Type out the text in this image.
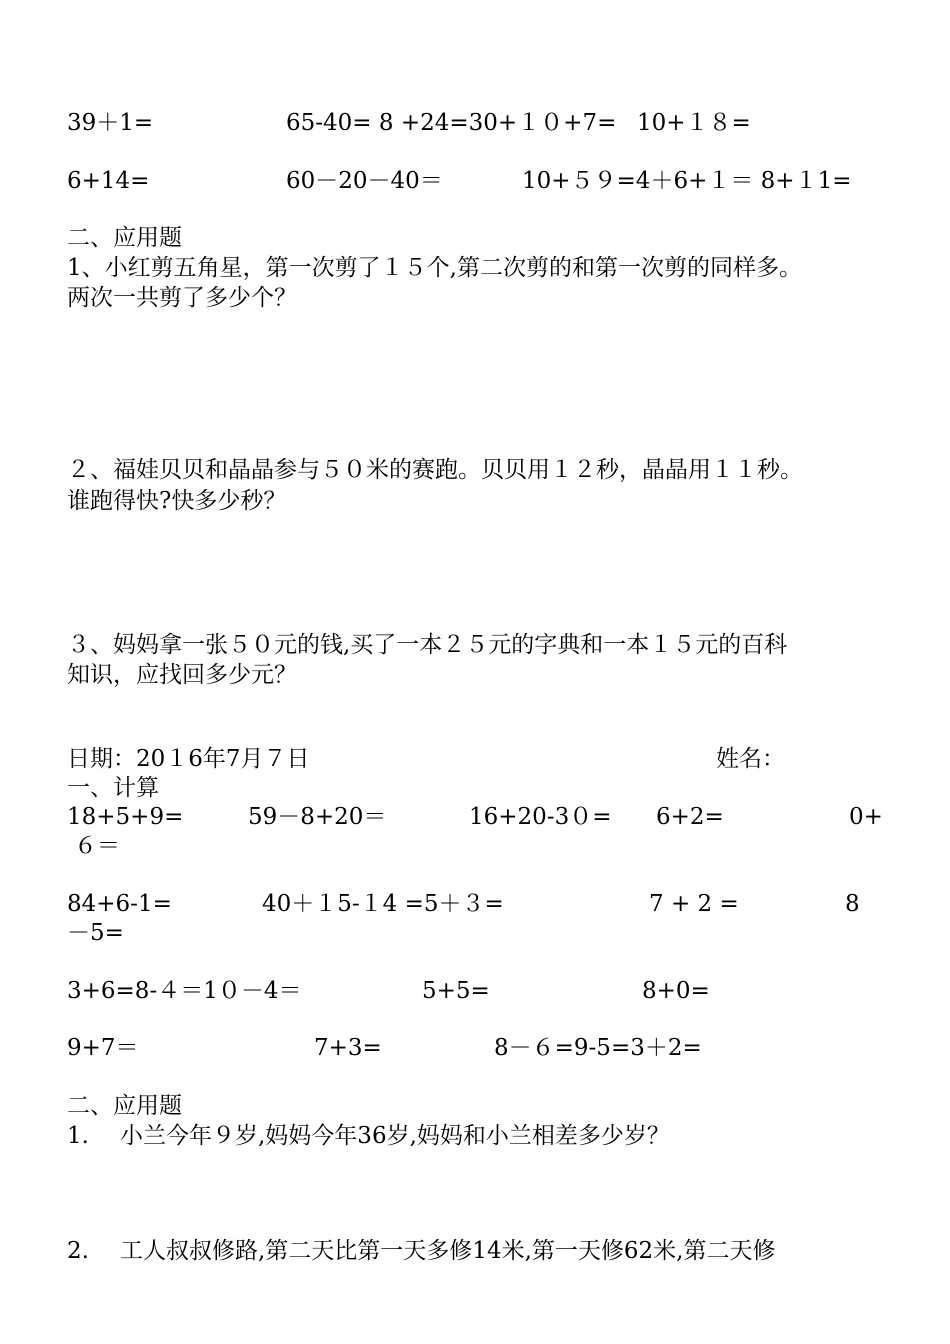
39＋1=	65-40= 8 +24=30+１０+7= 10+１８=
6+14=	60－20－40＝	10+５９=4＋6+１＝ 8+１1=
二、应用题
1、小红剪五角星，第一次剪了１５个,第二次剪的和第一次剪的同样多。
两次一共剪了多少个？
２、福娃贝贝和晶晶参与５０米的赛跑。贝贝用１２秒，晶晶用１１秒。
谁跑得快?快多少秒？
３、妈妈拿一张５０元的钱,买了一本２５元的字典和一本１５元的百科
知识，应找回多少元？
日期：20１6年7月７日	姓名：
一、计算
18+5+9=	59－8+20＝	16+20-3０= 6+2=	0+
６＝
84+6-1=	40＋１5-１4 =5＋３=	7 + 2 =	8
－5=
3+6=8-４＝1０－4＝	5+5=	8+0=
9+7＝	7+3=	8－６=9-5=3＋2=
二、应用题
1. 小兰今年９岁,妈妈今年36岁,妈妈和小兰相差多少岁？
2. 工人叔叔修路,第二天比第一天多修14米,第一天修62米,第二天修
